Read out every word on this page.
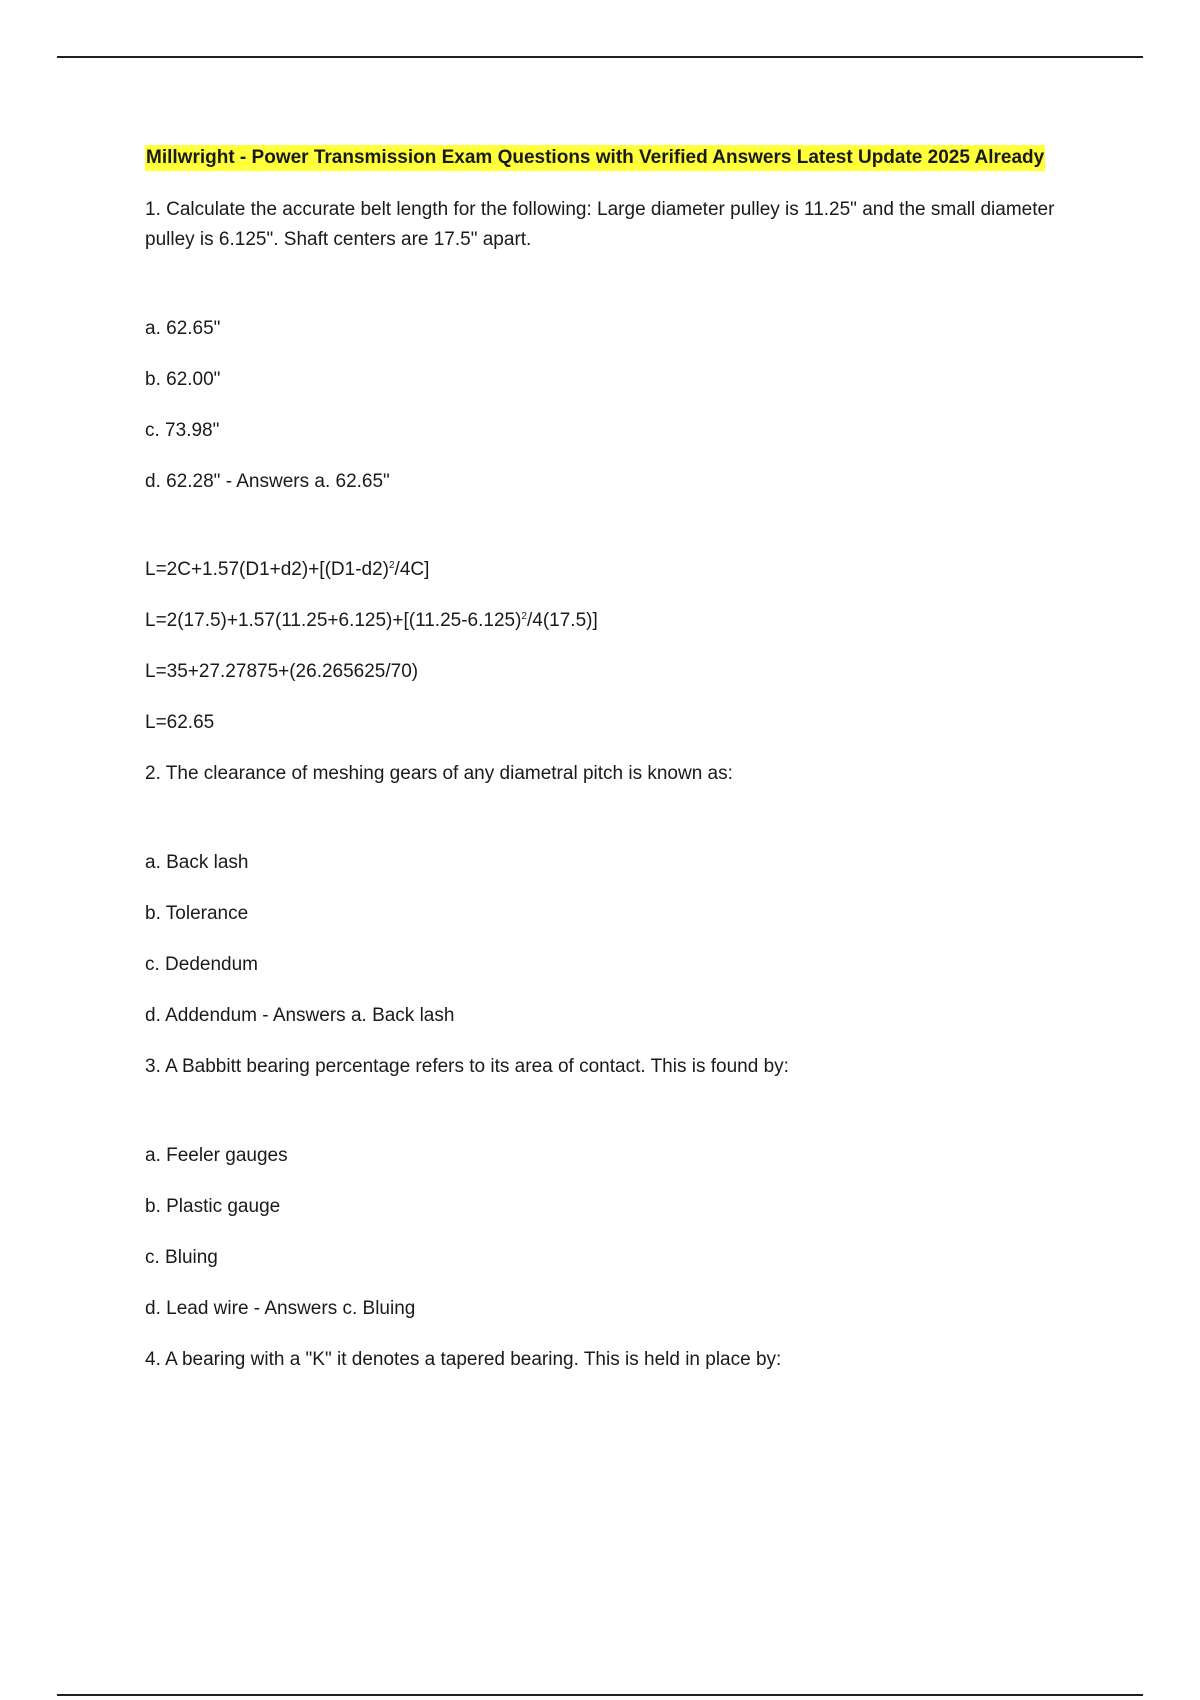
Millwright - Power Transmission Exam Questions with Verified Answers Latest Update 2025 Already

1. Calculate the accurate belt length for the following: Large diameter pulley is 11.25" and the small diameter pulley is 6.125". Shaft centers are 17.5" apart.

a. 62.65"

b. 62.00"

c. 73.98"

d. 62.28" - Answers a. 62.65"

$L=2C+1.57(D1+d2)+[(D1-d2)^2/4C]$

$L=2(17.5)+1.57(11.25+6.125)+[(11.25-6.125)^2/4(17.5)]$

L=35+27.27875+(26.265625/70)

L=62.65

2. The clearance of meshing gears of any diametral pitch is known as:

a. Back lash

b. Tolerance

c. Dedendum

d. Addendum - Answers a. Back lash

3. A Babbitt bearing percentage refers to its area of contact. This is found by:

a. Feeler gauges

b. Plastic gauge

c. Bluing

d. Lead wire - Answers c. Bluing

4. A bearing with a "K" it denotes a tapered bearing. This is held in place by:
